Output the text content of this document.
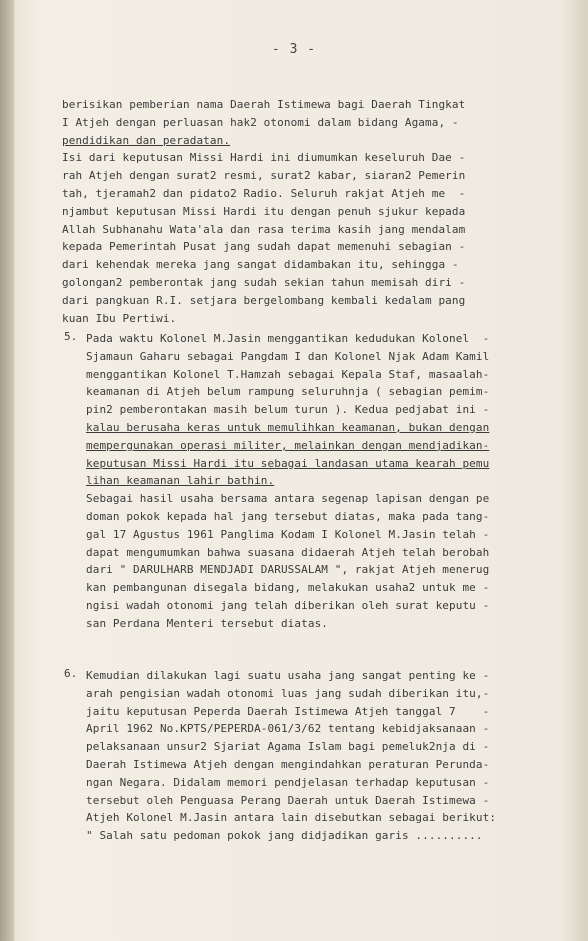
- 3 -
berisikan pemberian nama Daerah Istimewa bagi Daerah Tingkat
I Atjeh dengan perluasan hak2 otonomi dalam bidang Agama, -
pendidikan dan peradatan.
Isi dari keputusan Missi Hardi ini diumumkan keseluruh Dae -
rah Atjeh dengan surat2 resmi, surat2 kabar, siaran2 Pemerin
tah, tjeramah2 dan pidato2 Radio. Seluruh rakjat Atjeh me  -
njambut keputusan Missi Hardi itu dengan penuh sjukur kepada
Allah Subhanahu Wata'ala dan rasa terima kasih jang mendalam
kepada Pemerintah Pusat jang sudah dapat memenuhi sebagian -
dari kehendak mereka jang sangat didambakan itu, sehingga -
golongan2 pemberontak jang sudah sekian tahun memisah diri -
dari pangkuan R.I. setjara bergelombang kembali kedalam pang
kuan Ibu Pertiwi.
5. Pada waktu Kolonel M.Jasin menggantikan kedudukan Kolonel  -
Sjamaun Gaharu sebagai Pangdam I dan Kolonel Njak Adam Kamil
menggantikan Kolonel T.Hamzah sebagai Kepala Staf, masaalah-
keamanan di Atjeh belum rampung seluruhnja ( sebagian pemim-
pin2 pemberontakan masih belum turun ). Kedua pedjabat ini -
kalau berusaha keras untuk memulihkan keamanan, bukan dengan
mempergunakan operasi militer, melainkan dengan mendjadikan-
keputusan Missi Hardi itu sebagai landasan utama kearah pemu
lihan keamanan lahir bathin.
Sebagai hasil usaha bersama antara segenap lapisan dengan pe
doman pokok kepada hal jang tersebut diatas, maka pada tang-
gal 17 Agustus 1961 Panglima Kodam I Kolonel M.Jasin telah -
dapat mengumumkan bahwa suasana didaerah Atjeh telah berobah
dari " DARULHARB MENDJADI DARUSSALAM ", rakjat Atjeh menerug
kan pembangunan disegala bidang, melakukan usaha2 untuk me -
ngisi wadah otonomi jang telah diberikan oleh surat keputu -
san Perdana Menteri tersebut diatas.
6. Kemudian dilakukan lagi suatu usaha jang sangat penting ke -
arah pengisian wadah otonomi luas jang sudah diberikan itu,-
jaitu keputusan Peperda Daerah Istimewa Atjeh tanggal 7    -
April 1962 No.KPTS/PEPERDA-061/3/62 tentang kebidjaksanaan -
pelaksanaan unsur2 Sjariat Agama Islam bagi pemeluk2nja di -
Daerah Istimewa Atjeh dengan mengindahkan peraturan Perunda-
ngan Negara. Didalam memori pendjelasan terhadap keputusan -
tersebut oleh Penguasa Perang Daerah untuk Daerah Istimewa -
Atjeh Kolonel M.Jasin antara lain disebutkan sebagai berikut:
" Salah satu pedoman pokok jang didjadikan garis ..........
